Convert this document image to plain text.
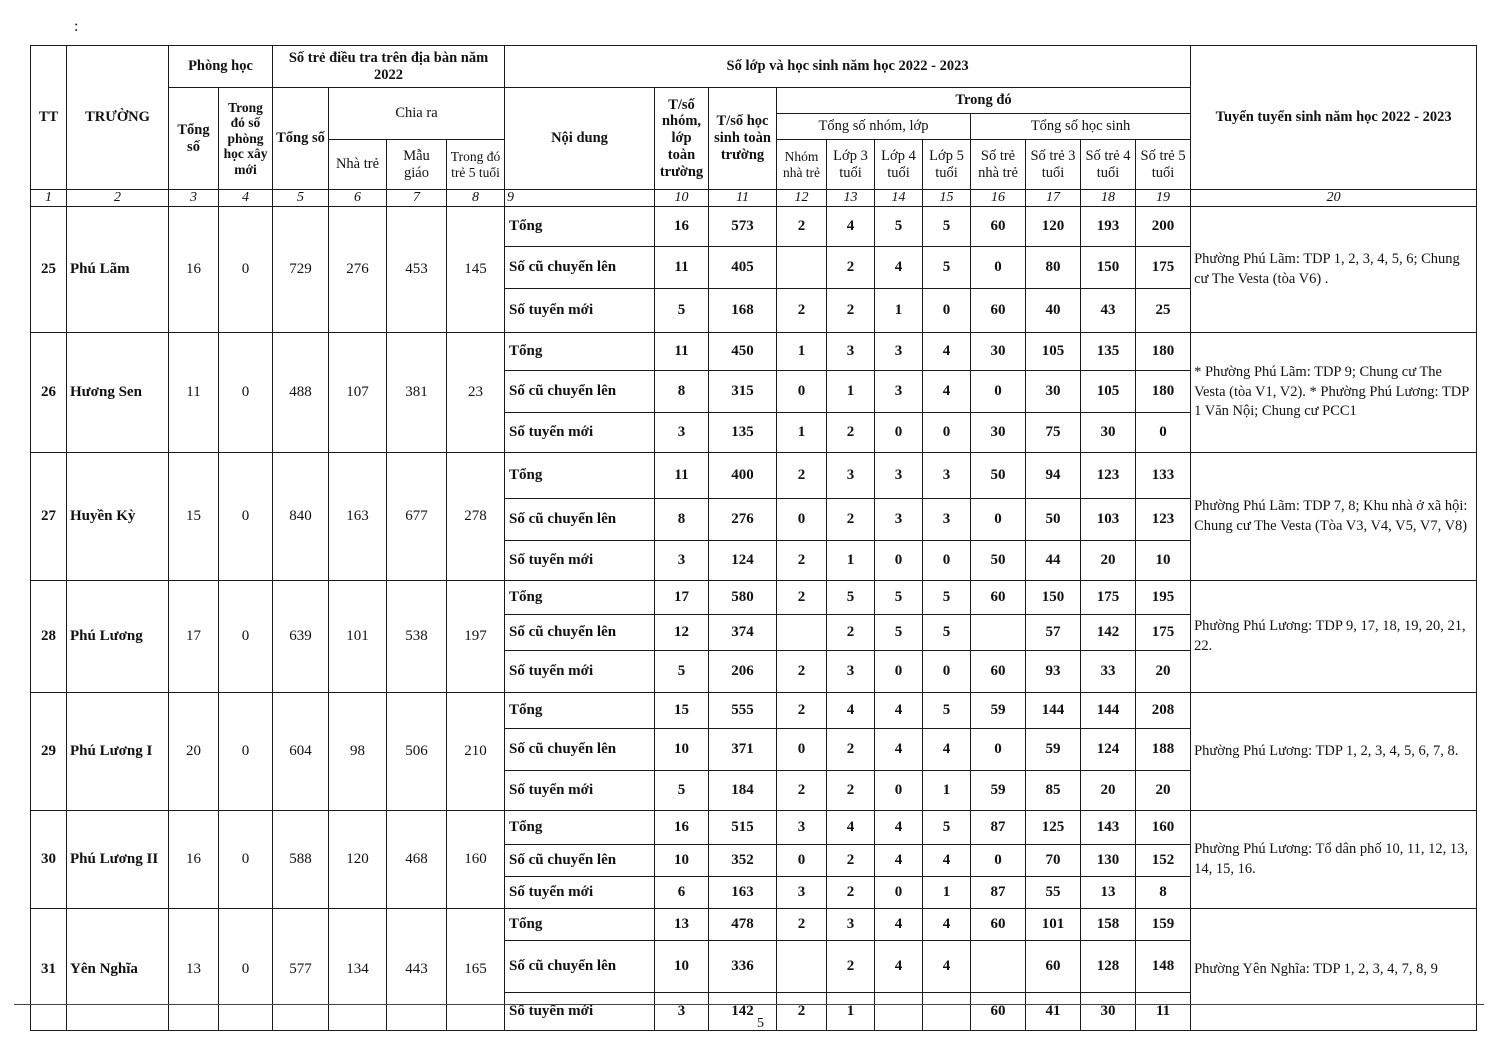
:
TT	TRƯỜNG	Phòng học		Số trẻ điều tra trên địa bàn năm 2022				Số lớp và học sinh năm học 2022 - 2023											Tuyển tuyển sinh năm học 2022 - 2023
		Tổng số	Trong đó số phòng học xây mới	Tổng số	Chia ra			Nội dung	T/số nhóm, lớp toàn trường	T/số học sinh toàn trường	Trong đó								
											Tổng số nhóm, lớp				Tổng số học sinh				
					Nhà trẻ	Mẫu giáo	Trong đó trẻ 5 tuổi				Nhóm nhà trẻ	Lớp 3 tuổi	Lớp 4 tuổi	Lớp 5 tuổi	Số trẻ nhà trẻ	Số trẻ 3 tuổi	Số trẻ 4 tuổi	Số trẻ 5 tuổi	
1	2	3	4	5	6	7	8	9	10	11	12	13	14	15	16	17	18	19	20
25	Phú Lãm	16	0	729	276	453	145	Tổng	16	573	2	4	5	5	60	120	193	200	Phường Phú Lãm: TDP 1, 2, 3, 4, 5, 6; Chung cư The Vesta (tòa V6) .
								Số cũ chuyển lên	11	405		2	4	5	0	80	150	175	
								Số tuyển mới	5	168	2	2	1	0	60	40	43	25	
26	Hương Sen	11	0	488	107	381	23	Tổng	11	450	1	3	3	4	30	105	135	180	* Phường Phú Lãm: TDP 9; Chung cư The Vesta (tòa V1, V2). * Phường Phú Lương: TDP 1 Văn Nội; Chung cư PCC1
								Số cũ chuyển lên	8	315	0	1	3	4	0	30	105	180	
								Số tuyển mới	3	135	1	2	0	0	30	75	30	0	
27	Huyền Kỳ	15	0	840	163	677	278	Tổng	11	400	2	3	3	3	50	94	123	133	Phường Phú Lãm: TDP 7, 8; Khu nhà ở xã hội: Chung cư The Vesta (Tòa V3, V4, V5, V7, V8)
								Số cũ chuyển lên	8	276	0	2	3	3	0	50	103	123	
								Số tuyển mới	3	124	2	1	0	0	50	44	20	10	
28	Phú Lương	17	0	639	101	538	197	Tổng	17	580	2	5	5	5	60	150	175	195	Phường Phú Lương: TDP 9, 17, 18, 19, 20, 21, 22.
								Số cũ chuyển lên	12	374		2	5	5		57	142	175	
								Số tuyển mới	5	206	2	3	0	0	60	93	33	20	
29	Phú Lương I	20	0	604	98	506	210	Tổng	15	555	2	4	4	5	59	144	144	208	Phường Phú Lương: TDP 1, 2, 3, 4, 5, 6, 7, 8.
								Số cũ chuyển lên	10	371	0	2	4	4	0	59	124	188	
								Số tuyển mới	5	184	2	2	0	1	59	85	20	20	
30	Phú Lương II	16	0	588	120	468	160	Tổng	16	515	3	4	4	5	87	125	143	160	Phường Phú Lương: Tổ dân phố 10, 11, 12, 13, 14, 15, 16.
								Số cũ chuyển lên	10	352	0	2	4	4	0	70	130	152	
								Số tuyển mới	6	163	3	2	0	1	87	55	13	8	
31	Yên Nghĩa	13	0	577	134	443	165	Tổng	13	478	2	3	4	4	60	101	158	159	Phường Yên Nghĩa: TDP 1, 2, 3, 4, 7, 8, 9
								Số cũ chuyển lên	10	336		2	4	4		60	128	148	
								Số tuyển mới	3	142	2	1			60	41	30	11	
5
